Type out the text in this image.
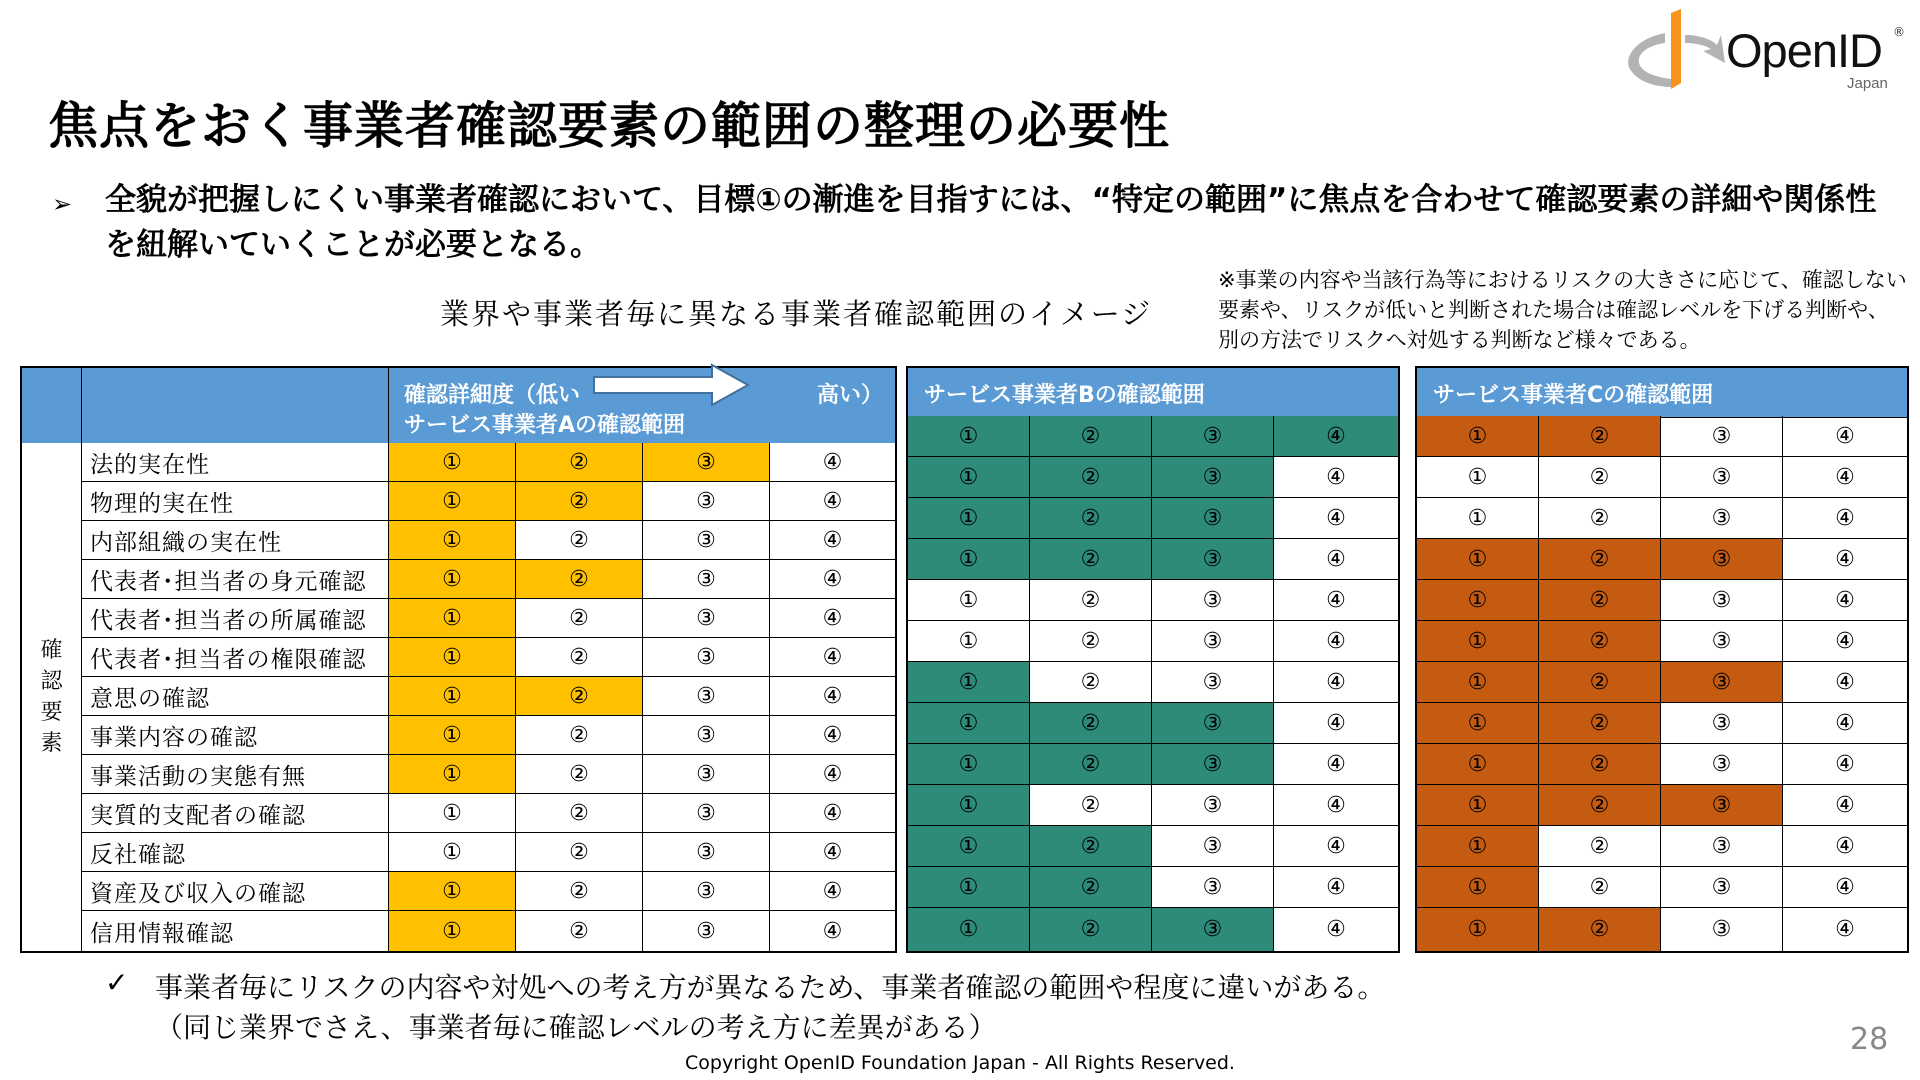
OpenID ®
Japan
焦点をおく事業者確認要素の範囲の整理の必要性
➢ 全貌が把握しにくい事業者確認において、目標①の漸進を目指すには、“特定の範囲”に焦点を合わせて確認要素の詳細や関係性を紐解いていくことが必要となる。
業界や事業者毎に異なる事業者確認範囲のイメージ
※事業の内容や当該行為等におけるリスクの大きさに応じて、確認しない要素や、リスクが低いと判断された場合は確認レベルを下げる判断や、別の方法でリスクへ対処する判断など様々である。
確認詳細度（低い	高い）
サービス事業者Aの確認範囲
確
認
要
素
法的実在性	①	②	③	④
物理的実在性	①	②	③	④
内部組織の実在性	①	②	③	④
代表者･担当者の身元確認	①	②	③	④
代表者･担当者の所属確認	①	②	③	④
代表者･担当者の権限確認	①	②	③	④
意思の確認	①	②	③	④
事業内容の確認	①	②	③	④
事業活動の実態有無	①	②	③	④
実質的支配者の確認	①	②	③	④
反社確認	①	②	③	④
資産及び収入の確認	①	②	③	④
信用情報確認	①	②	③	④
サービス事業者Bの確認範囲
①	②	③	④
①	②	③	④
①	②	③	④
①	②	③	④
①	②	③	④
①	②	③	④
①	②	③	④
①	②	③	④
①	②	③	④
①	②	③	④
①	②	③	④
①	②	③	④
①	②	③	④
サービス事業者Cの確認範囲
①	②	③	④
①	②	③	④
①	②	③	④
①	②	③	④
①	②	③	④
①	②	③	④
①	②	③	④
①	②	③	④
①	②	③	④
①	②	③	④
①	②	③	④
①	②	③	④
①	②	③	④
✓ 事業者毎にリスクの内容や対処への考え方が異なるため、事業者確認の範囲や程度に違いがある。
（同じ業界でさえ、事業者毎に確認レベルの考え方に差異がある）	28
Copyright OpenID Foundation Japan - All Rights Reserved.
